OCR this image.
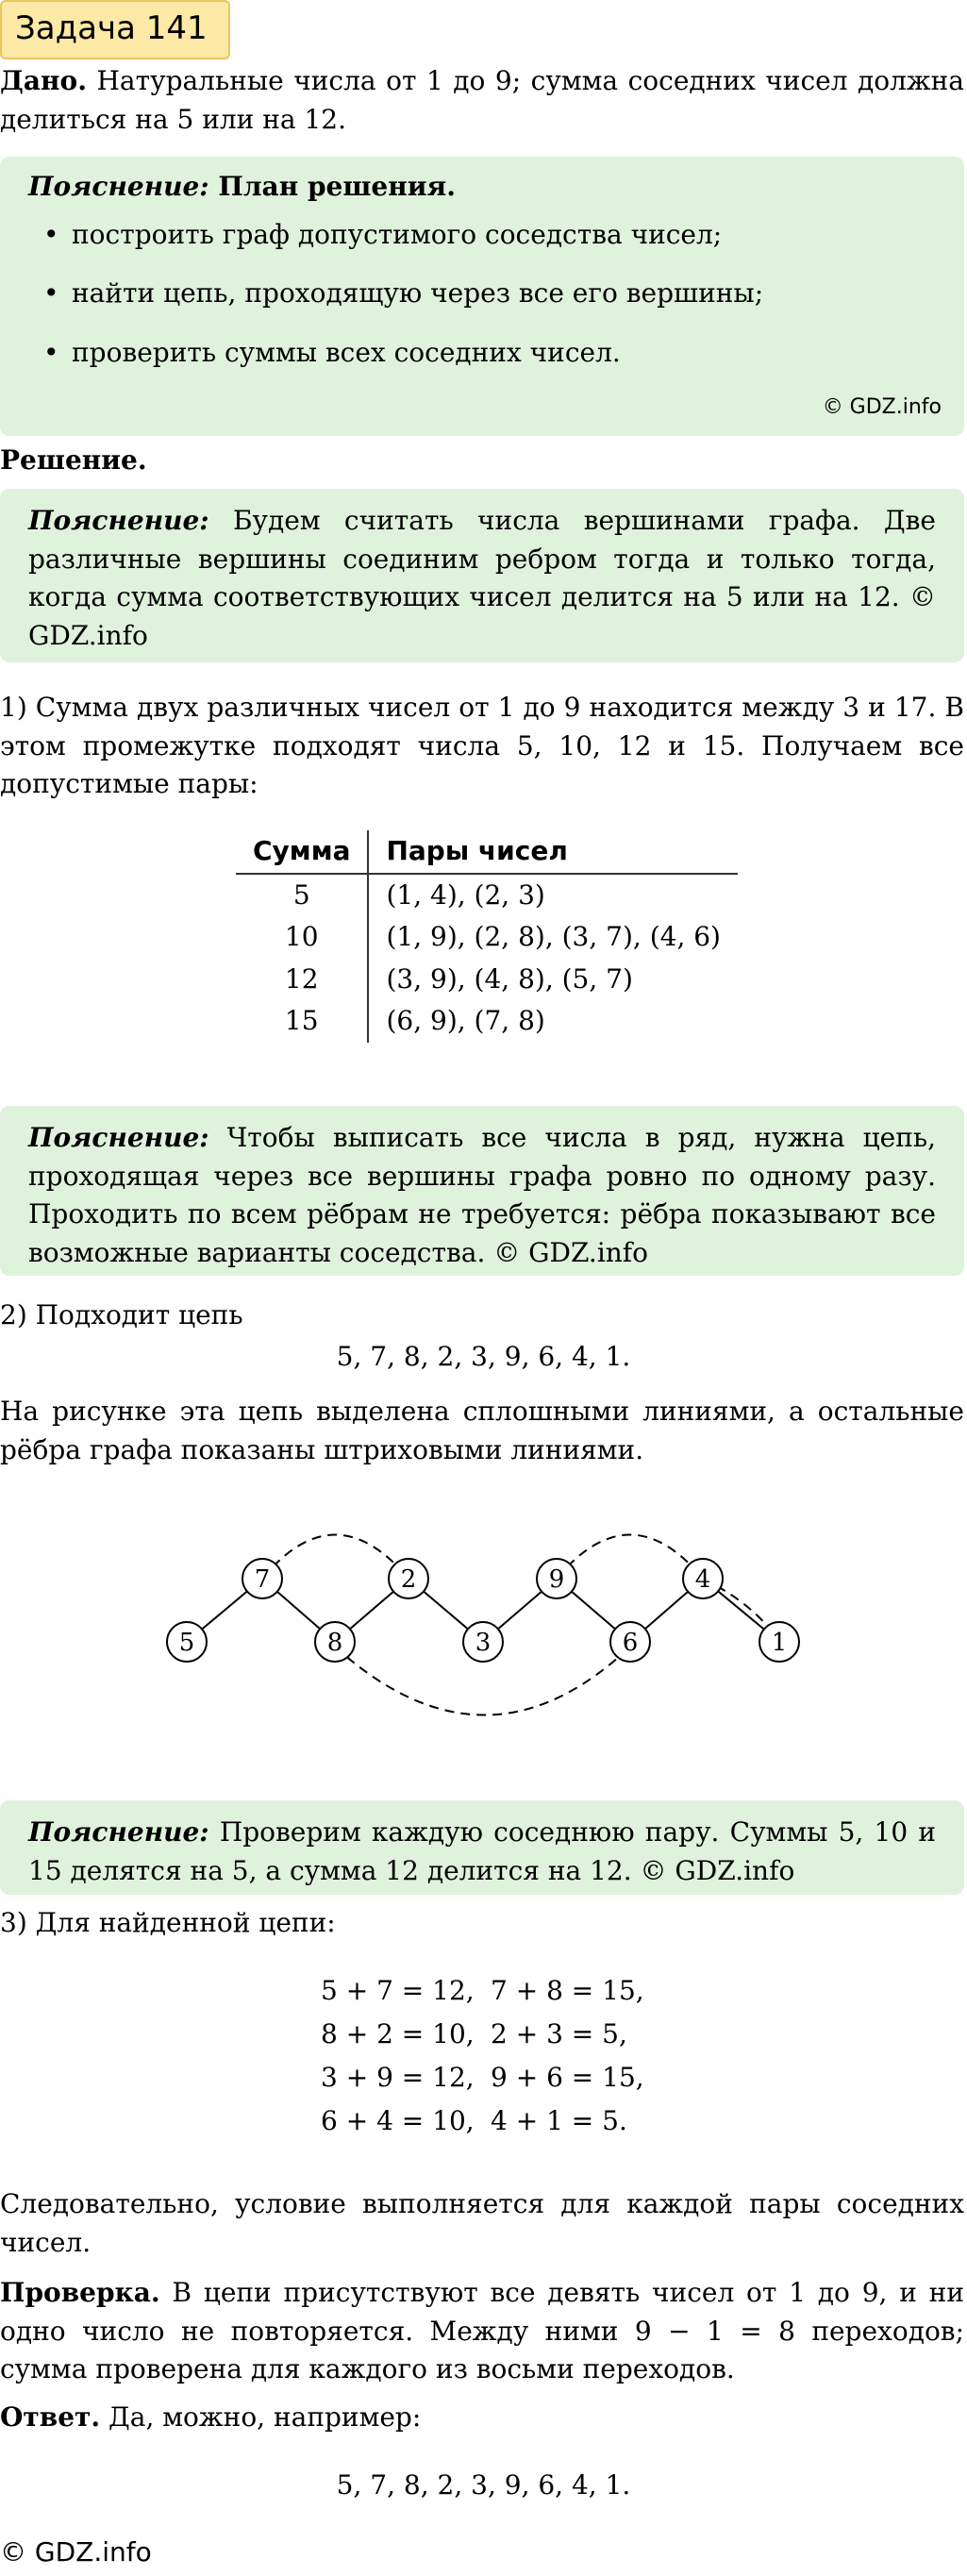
Задача 141
Дано. Натуральные числа от 1 до 9; сумма соседних чисел должна делиться на 5 или на 12.
Пояснение: План решения.
• построить граф допустимого соседства чисел;
• найти цепь, проходящую через все его вершины;
• проверить суммы всех соседних чисел.
© GDZ.info
Решение.

Пояснение: Будем считать числа вершинами графа. Две различные вершины соединим ребром тогда и только тогда, когда сумма соответствующих чисел делится на 5 или на 12. © GDZ.info

1) Сумма двух различных чисел от 1 до 9 находится между 3 и 17. В этом промежутке подходят числа 5, 10, 12 и 15. Получаем все допустимые пары:
Сумма	Пары чисел
5	(1, 4), (2, 3)
10	(1, 9), (2, 8), (3, 7), (4, 6)
12	(3, 9), (4, 8), (5, 7)
15	(6, 9), (7, 8)

Пояснение: Чтобы выписать все числа в ряд, нужна цепь, проходящая через все вершины графа ровно по одному разу. Проходить по всем рёбрам не требуется: рёбра показывают все возможные варианты соседства. © GDZ.info

2) Подходит цепь
5, 7, 8, 2, 3, 9, 6, 4, 1.
На рисунке эта цепь выделена сплошными линиями, а остальные рёбра графа показаны штриховыми линиями.
5
7
8
2
3
9
6
4
1

Пояснение: Проверим каждую соседнюю пару. Суммы 5, 10 и 15 делятся на 5, а сумма 12 делится на 12. © GDZ.info

3) Для найденной цепи:
5 + 7 = 12, 7 + 8 = 15,
8 + 2 = 10, 2 + 3 = 5,
3 + 9 = 12, 9 + 6 = 15,
6 + 4 = 10, 4 + 1 = 5.
Следовательно, условие выполняется для каждой пары соседних чисел.
Проверка. В цепи присутствуют все девять чисел от 1 до 9, и ни одно число не повторяется. Между ними 9 − 1 = 8 переходов; сумма проверена для каждого из восьми переходов.
Ответ. Да, можно, например:
5, 7, 8, 2, 3, 9, 6, 4, 1.
© GDZ.info
